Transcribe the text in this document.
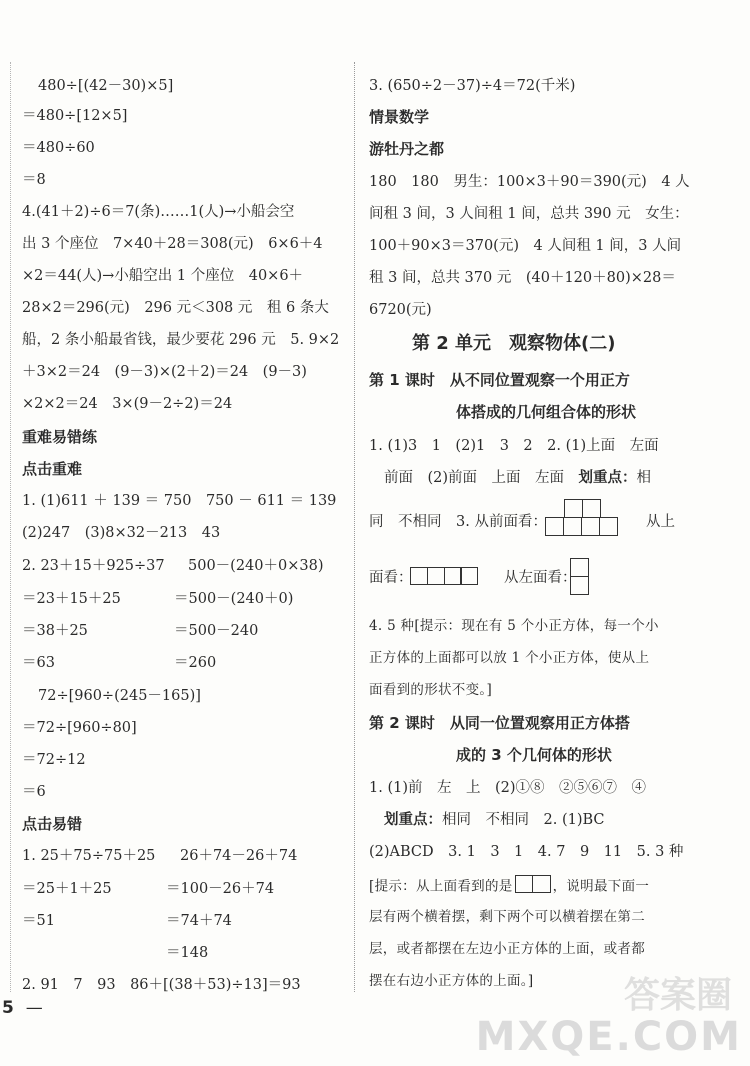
480÷[(42－30)×5]
＝480÷[12×5]
＝480÷60
＝8
4.(41＋2)÷6＝7(条)……1(人)→小船会空
出 3 个座位　7×40＋28＝308(元)　6×6＋4
×2＝44(人)→小船空出 1 个座位　40×6＋
28×2＝296(元)　296 元＜308 元　租 6 条大
船，2 条小船最省钱，最少要花 296 元　5. 9×2
＋3×2＝24　(9－3)×(2＋2)＝24　(9－3)
×2×2＝24　3×(9－2÷2)＝24
重难易错练
点击重难
1. (1)611 ＋ 139 ＝ 750　750 － 611 ＝ 139
(2)247　(3)8×32－213　43
2. 23＋15＋925÷37 500－(240＋0×38)
＝23＋15＋25	＝500－(240＋0)
＝38＋25	＝500－240
＝63	＝260
72÷[960÷(245－165)]
＝72÷[960÷80]
＝72÷12
＝6
点击易错
1. 25＋75÷75＋25 26＋74－26＋74
＝25＋1＋25	＝100－26＋74
＝51	＝74＋74
＝148
2. 91　7　93　86＋[(38＋53)÷13]＝93
3. (650÷2－37)÷4＝72(千米)
情景数学
游牡丹之都
180　180　男生：100×3＋90＝390(元)　4 人
间租 3 间，3 人间租 1 间，总共 390 元　女生：
100＋90×3＝370(元)　4 人间租 1 间，3 人间
租 3 间，总共 370 元　(40＋120＋80)×28＝
6720(元)
第 2 单元　观察物体(二)
第 1 课时　从不同位置观察一个用正方
体搭成的几何组合体的形状
1. (1)3　1　(2)1　3　2　2. (1)上面　左面
前面　(2)前面　上面　左面　划重点：相
同　不相同　3. 从前面看：	从上
面看：	从左面看：
4. 5 种[提示：现在有 5 个小正方体，每一个小
正方体的上面都可以放 1 个小正方体，使从上
面看到的形状不变。]
第 2 课时　从同一位置观察用正方体搭
成的 3 个几何体的形状
1. (1)前　左　上　(2)①⑧　②⑤⑥⑦　④
划重点：相同　不相同　2. (1)BC
(2)ABCD　3. 1　3　1　4. 7　9　11　5. 3 种
[提示：从上面看到的是	，说明最下面一
层有两个横着摆，剩下两个可以横着摆在第二
层，或者都摆在左边小正方体的上面，或者都
摆在右边小正方体的上面。]
5 —	答案圈
MXQE.COM
